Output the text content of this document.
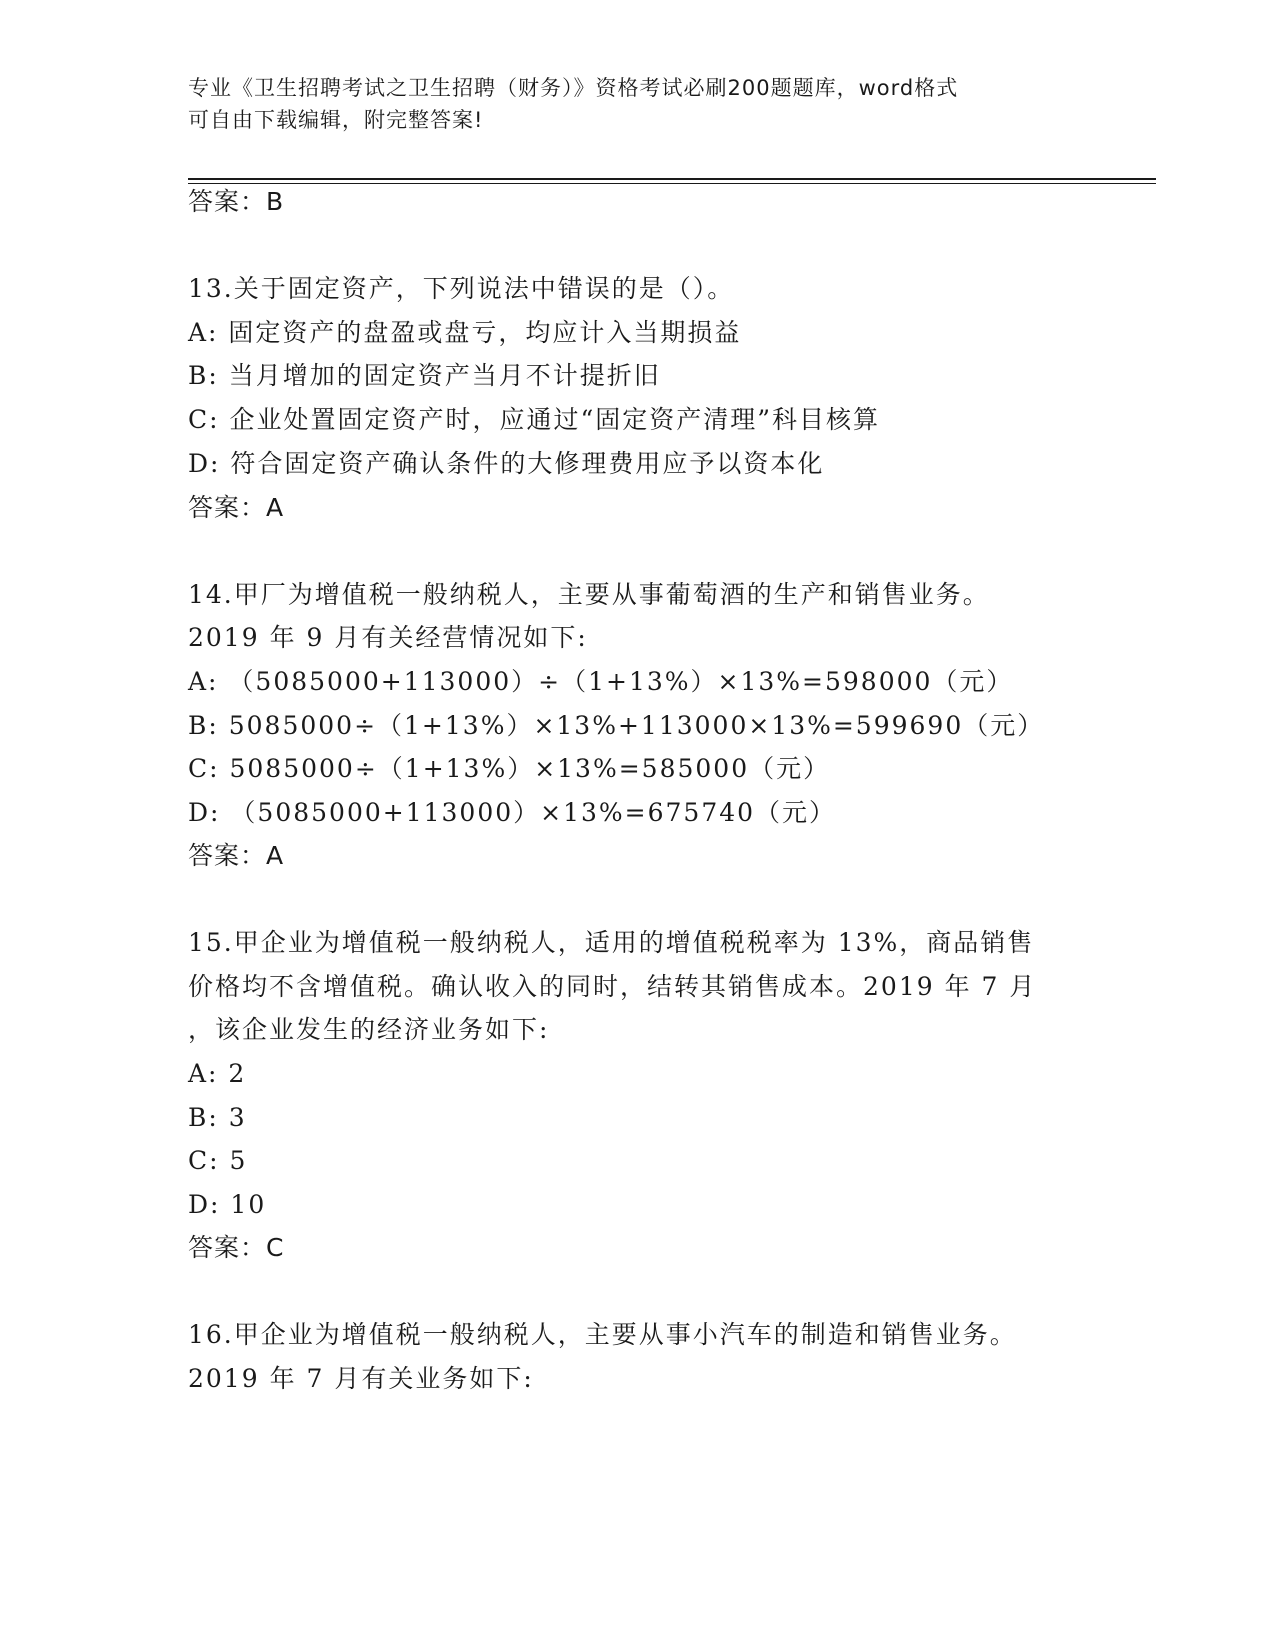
专业《卫生招聘考试之卫生招聘（财务）》资格考试必刷200题题库，word格式
可自由下载编辑，附完整答案!
答案：B
13.关于固定资产，下列说法中错误的是（）。
A: 固定资产的盘盈或盘亏，均应计入当期损益
B: 当月增加的固定资产当月不计提折旧
C: 企业处置固定资产时，应通过“固定资产清理”科目核算
D: 符合固定资产确认条件的大修理费用应予以资本化
答案：A
14.甲厂为增值税一般纳税人，主要从事葡萄酒的生产和销售业务。
2019 年 9 月有关经营情况如下:
A: （5085000+113000）÷（1+13%）×13%=598000（元）
B: 5085000÷（1+13%）×13%+113000×13%=599690（元）
C: 5085000÷（1+13%）×13%=585000（元）
D: （5085000+113000）×13%=675740（元）
答案：A
15.甲企业为增值税一般纳税人，适用的增值税税率为 13%，商品销售
价格均不含增值税。确认收入的同时，结转其销售成本。2019 年 7 月
，该企业发生的经济业务如下:
A: 2
B: 3
C: 5
D: 10
答案：C
16.甲企业为增值税一般纳税人，主要从事小汽车的制造和销售业务。
2019 年 7 月有关业务如下:
